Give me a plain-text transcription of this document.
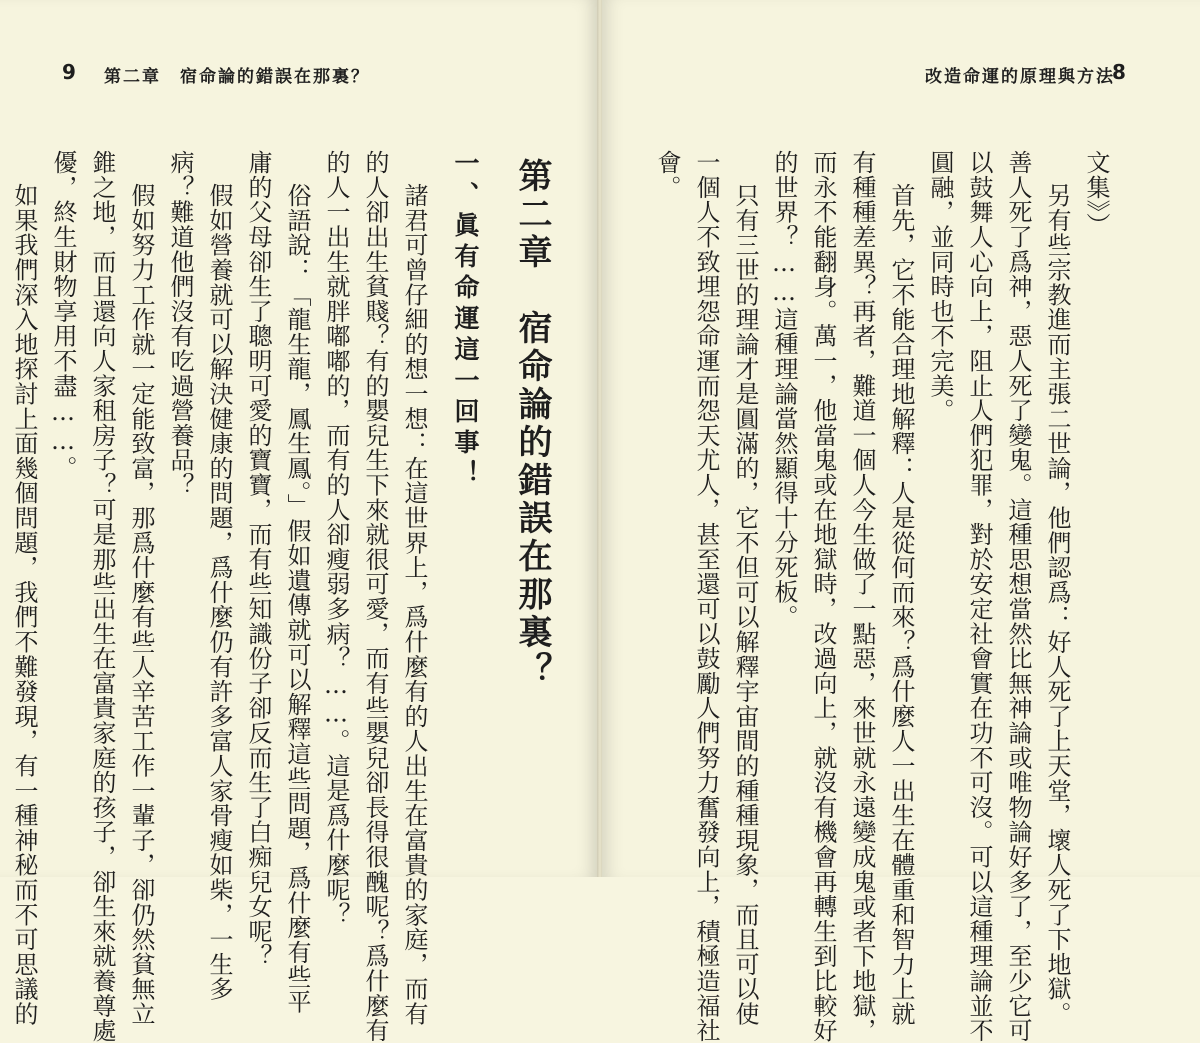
9 第二章　宿命論的錯誤在那裏？
第二章　宿命論的錯誤在那裏？
一、眞有命運這一回事！
諸君可曾仔細的想一想：在這世界上，爲什麼有的人出生在富貴的家庭，而有
的人卻出生貧賤？有的嬰兒生下來就很可愛，而有些嬰兒卻長得很醜呢？爲什麼有
的人一出生就胖嘟嘟的，而有的人卻瘦弱多病？……。這是爲什麼呢？
俗語說：「龍生龍，鳳生鳳。」假如遺傳就可以解釋這些問題，爲什麼有些平
庸的父母卻生了聰明可愛的寶寶，而有些知識份子卻反而生了白痴兒女呢？
假如營養就可以解決健康的問題，爲什麼仍有許多富人家骨瘦如柴，一生多
病？難道他們沒有吃過營養品？
假如努力工作就一定能致富，那爲什麼有些人辛苦工作一輩子，卻仍然貧無立
錐之地，而且還向人家租房子？可是那些出生在富貴家庭的孩子，卻生來就養尊處
優，終生財物享用不盡……。
如果我們深入地探討上面幾個問題，我們不難發現，有一種神秘而不可思議的
改造命運的原理與方法
8
文集》）
另有些宗教進而主張二世論，他們認爲：好人死了上天堂，壞人死了下地獄。
善人死了爲神，惡人死了變鬼。這種思想當然比無神論或唯物論好多了，至少它可
以鼓舞人心向上，阻止人們犯罪，對於安定社會實在功不可沒。可以這種理論並不
圓融，並同時也不完美。
首先，它不能合理地解釋：人是從何而來？爲什麼人一出生在體重和智力上就
有種種差異？再者，難道一個人今生做了一點惡，來世就永遠變成鬼或者下地獄，
而永不能翻身。萬一，他當鬼或在地獄時，改過向上，就沒有機會再轉生到比較好
的世界？……這種理論當然顯得十分死板。
只有三世的理論才是圓滿的，它不但可以解釋宇宙間的種種現象，而且可以使
一個人不致埋怨命運而怨天尤人，甚至還可以鼓勵人們努力奮發向上，積極造福社
會。
